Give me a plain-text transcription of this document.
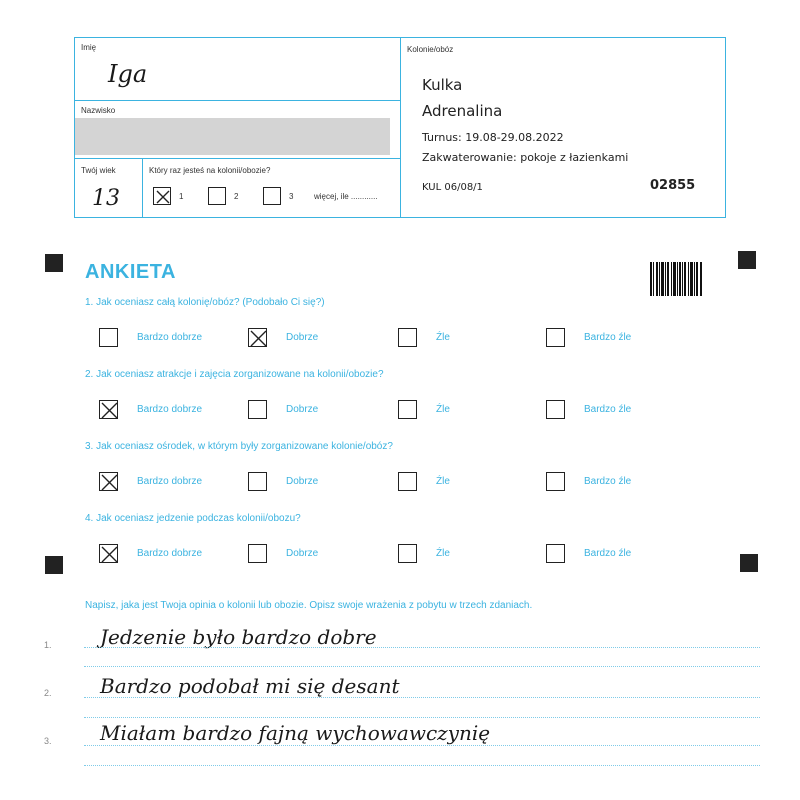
Imię
Iga
Nazwisko
Twój wiek
13
Który raz jesteś na kolonii/obozie?
1	2	3	więcej, ile ............
Kolonie/obóz
Kulka
Adrenalina
Turnus: 19.08-29.08.2022
Zakwaterowanie: pokoje z łazienkami
KUL 06/08/1	02855
ANKIETA
1. Jak oceniasz całą kolonię/obóz? (Podobało Ci się?)
2. Jak oceniasz atrakcje i zajęcia zorganizowane na kolonii/obozie?
3. Jak oceniasz ośrodek, w którym były zorganizowane kolonie/obóz?
4. Jak oceniasz jedzenie podczas kolonii/obozu?
Bardzo dobrze	Dobrze	Źle	Bardzo źle
Bardzo dobrze	Dobrze	Źle	Bardzo źle
Bardzo dobrze	Dobrze	Źle	Bardzo źle
Bardzo dobrze	Dobrze	Źle	Bardzo źle
Napisz, jaka jest Twoja opinia o kolonii lub obozie. Opisz swoje wrażenia z pobytu w trzech zdaniach.
1. Jedzenie było bardzo dobre
2. Bardzo podobał mi się desant
3. Miałam bardzo fajną wychowawczynię
